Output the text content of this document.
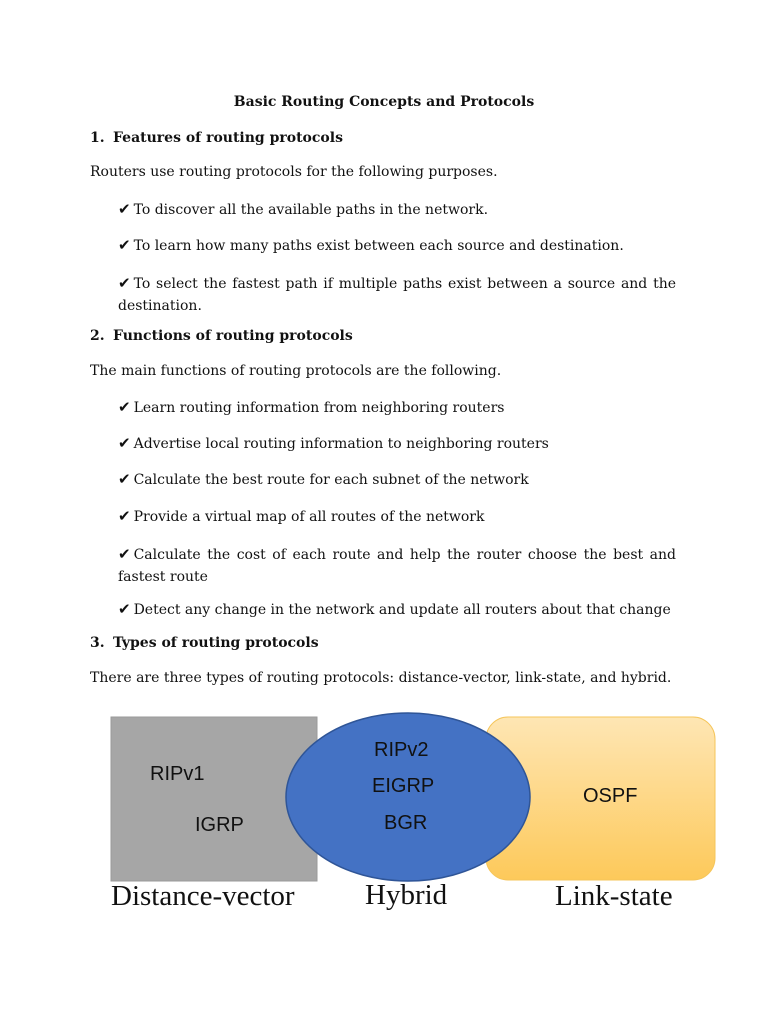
Basic Routing Concepts and Protocols
1. Features of routing protocols
Routers use routing protocols for the following purposes.
✔ To discover all the available paths in the network.
✔ To learn how many paths exist between each source and destination.
✔ To select the fastest path if multiple paths exist between a source and the destination.
2. Functions of routing protocols
The main functions of routing protocols are the following.
✔ Learn routing information from neighboring routers
✔ Advertise local routing information to neighboring routers
✔ Calculate the best route for each subnet of the network
✔ Provide a virtual map of all routes of the network
✔ Calculate the cost of each route and help the router choose the best and fastest route
✔ Detect any change in the network and update all routers about that change
3. Types of routing protocols
There are three types of routing protocols: distance-vector, link-state, and hybrid.
RIPv1
IGRP
RIPv2
EIGRP
BGR
OSPF
Distance-vector Hybrid	Link-state
